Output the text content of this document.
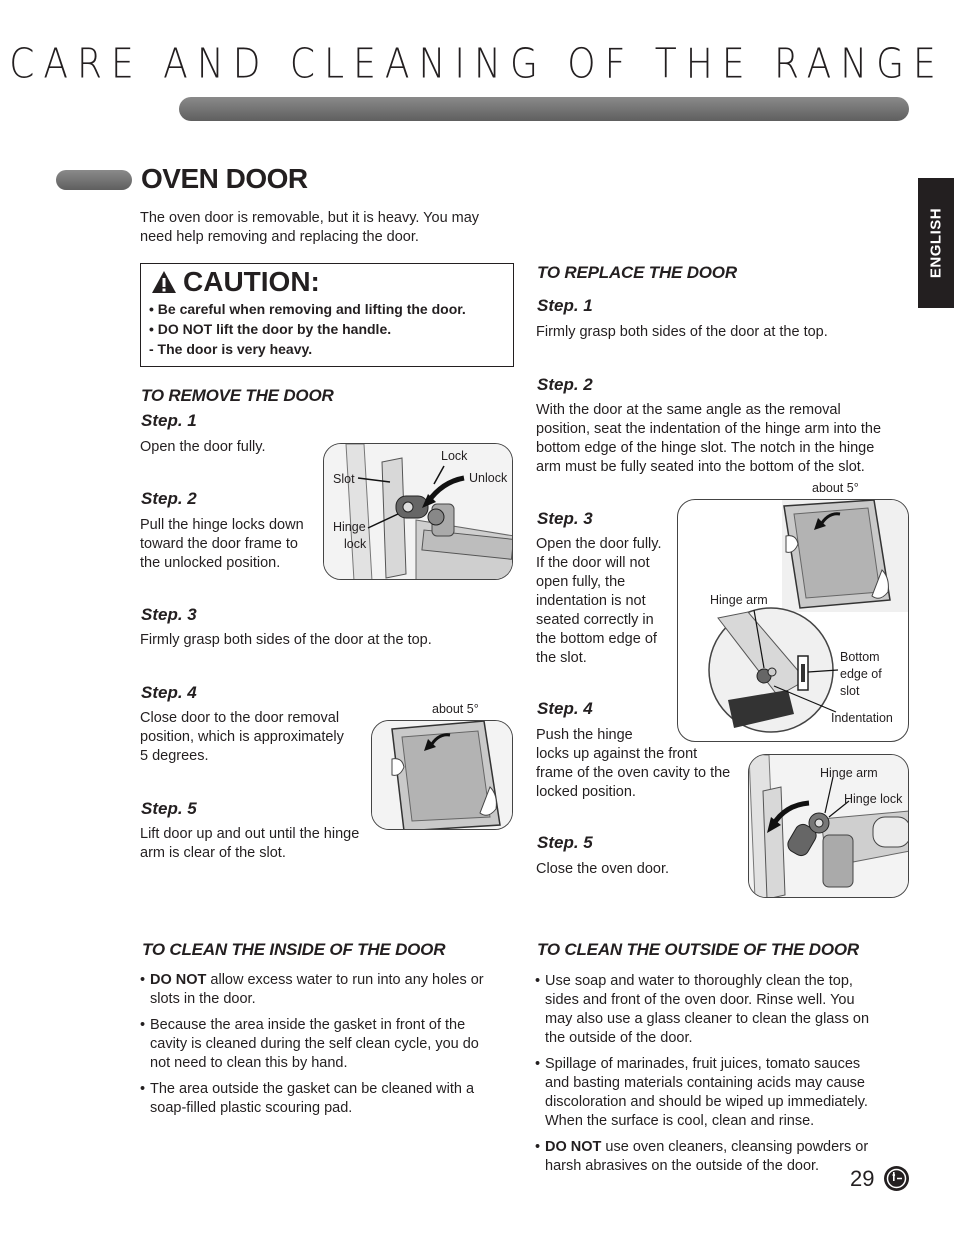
CARE AND CLEANING OF THE RANGE
ENGLISH
OVEN DOOR
The oven door is removable, but it is heavy. You may
need help removing and replacing the door.
CAUTION:
• Be careful when removing and lifting the door.
• DO NOT lift the door by the handle.
- The door is very heavy.
TO REMOVE THE DOOR
Step. 1
Open the door fully.
Step. 2
Pull the hinge locks down
toward the door frame to
the unlocked position.
Step. 3
Firmly grasp both sides of the door at the top.
Step. 4
Close door to the door removal
position, which is approximately
5 degrees.
Step. 5
Lift door up and out until the hinge
arm is clear of the slot.
Lock
Slot	Unlock
Hinge
lock
about 5°
TO REPLACE THE DOOR
Step. 1
Firmly grasp both sides of the door at the top.
Step. 2
With the door at the same angle as the removal
position, seat the indentation of the hinge arm into the
bottom edge of the hinge slot. The notch in the hinge
arm must be fully seated into the bottom of the slot.
Step. 3
Open the door fully.
If the door will not
open fully, the
indentation is not
seated correctly in
the bottom edge of
the slot.
Step. 4
Push the hinge
locks up against the front
frame of the oven cavity to the
locked position.
Step. 5
Close the oven door.
about 5°
Hinge arm
Bottom
edge of
slot
Indentation
Hinge arm
Hinge lock
TO CLEAN THE INSIDE OF THE DOOR
• DO NOT allow excess water to run into any holes or
slots in the door.
• Because the area inside the gasket in front of the
cavity is cleaned during the self clean cycle, you do
not need to clean this by hand.
• The area outside the gasket can be cleaned with a
soap-filled plastic scouring pad.
TO CLEAN THE OUTSIDE OF THE DOOR
• Use soap and water to thoroughly clean the top,
sides and front of the oven door. Rinse well. You
may also use a glass cleaner to clean the glass on
the outside of the door.
• Spillage of marinades, fruit juices, tomato sauces
and basting materials containing acids may cause
discoloration and should be wiped up immediately.
When the surface is cool, clean and rinse.
• DO NOT use oven cleaners, cleansing powders or
harsh abrasives on the outside of the door.	29
